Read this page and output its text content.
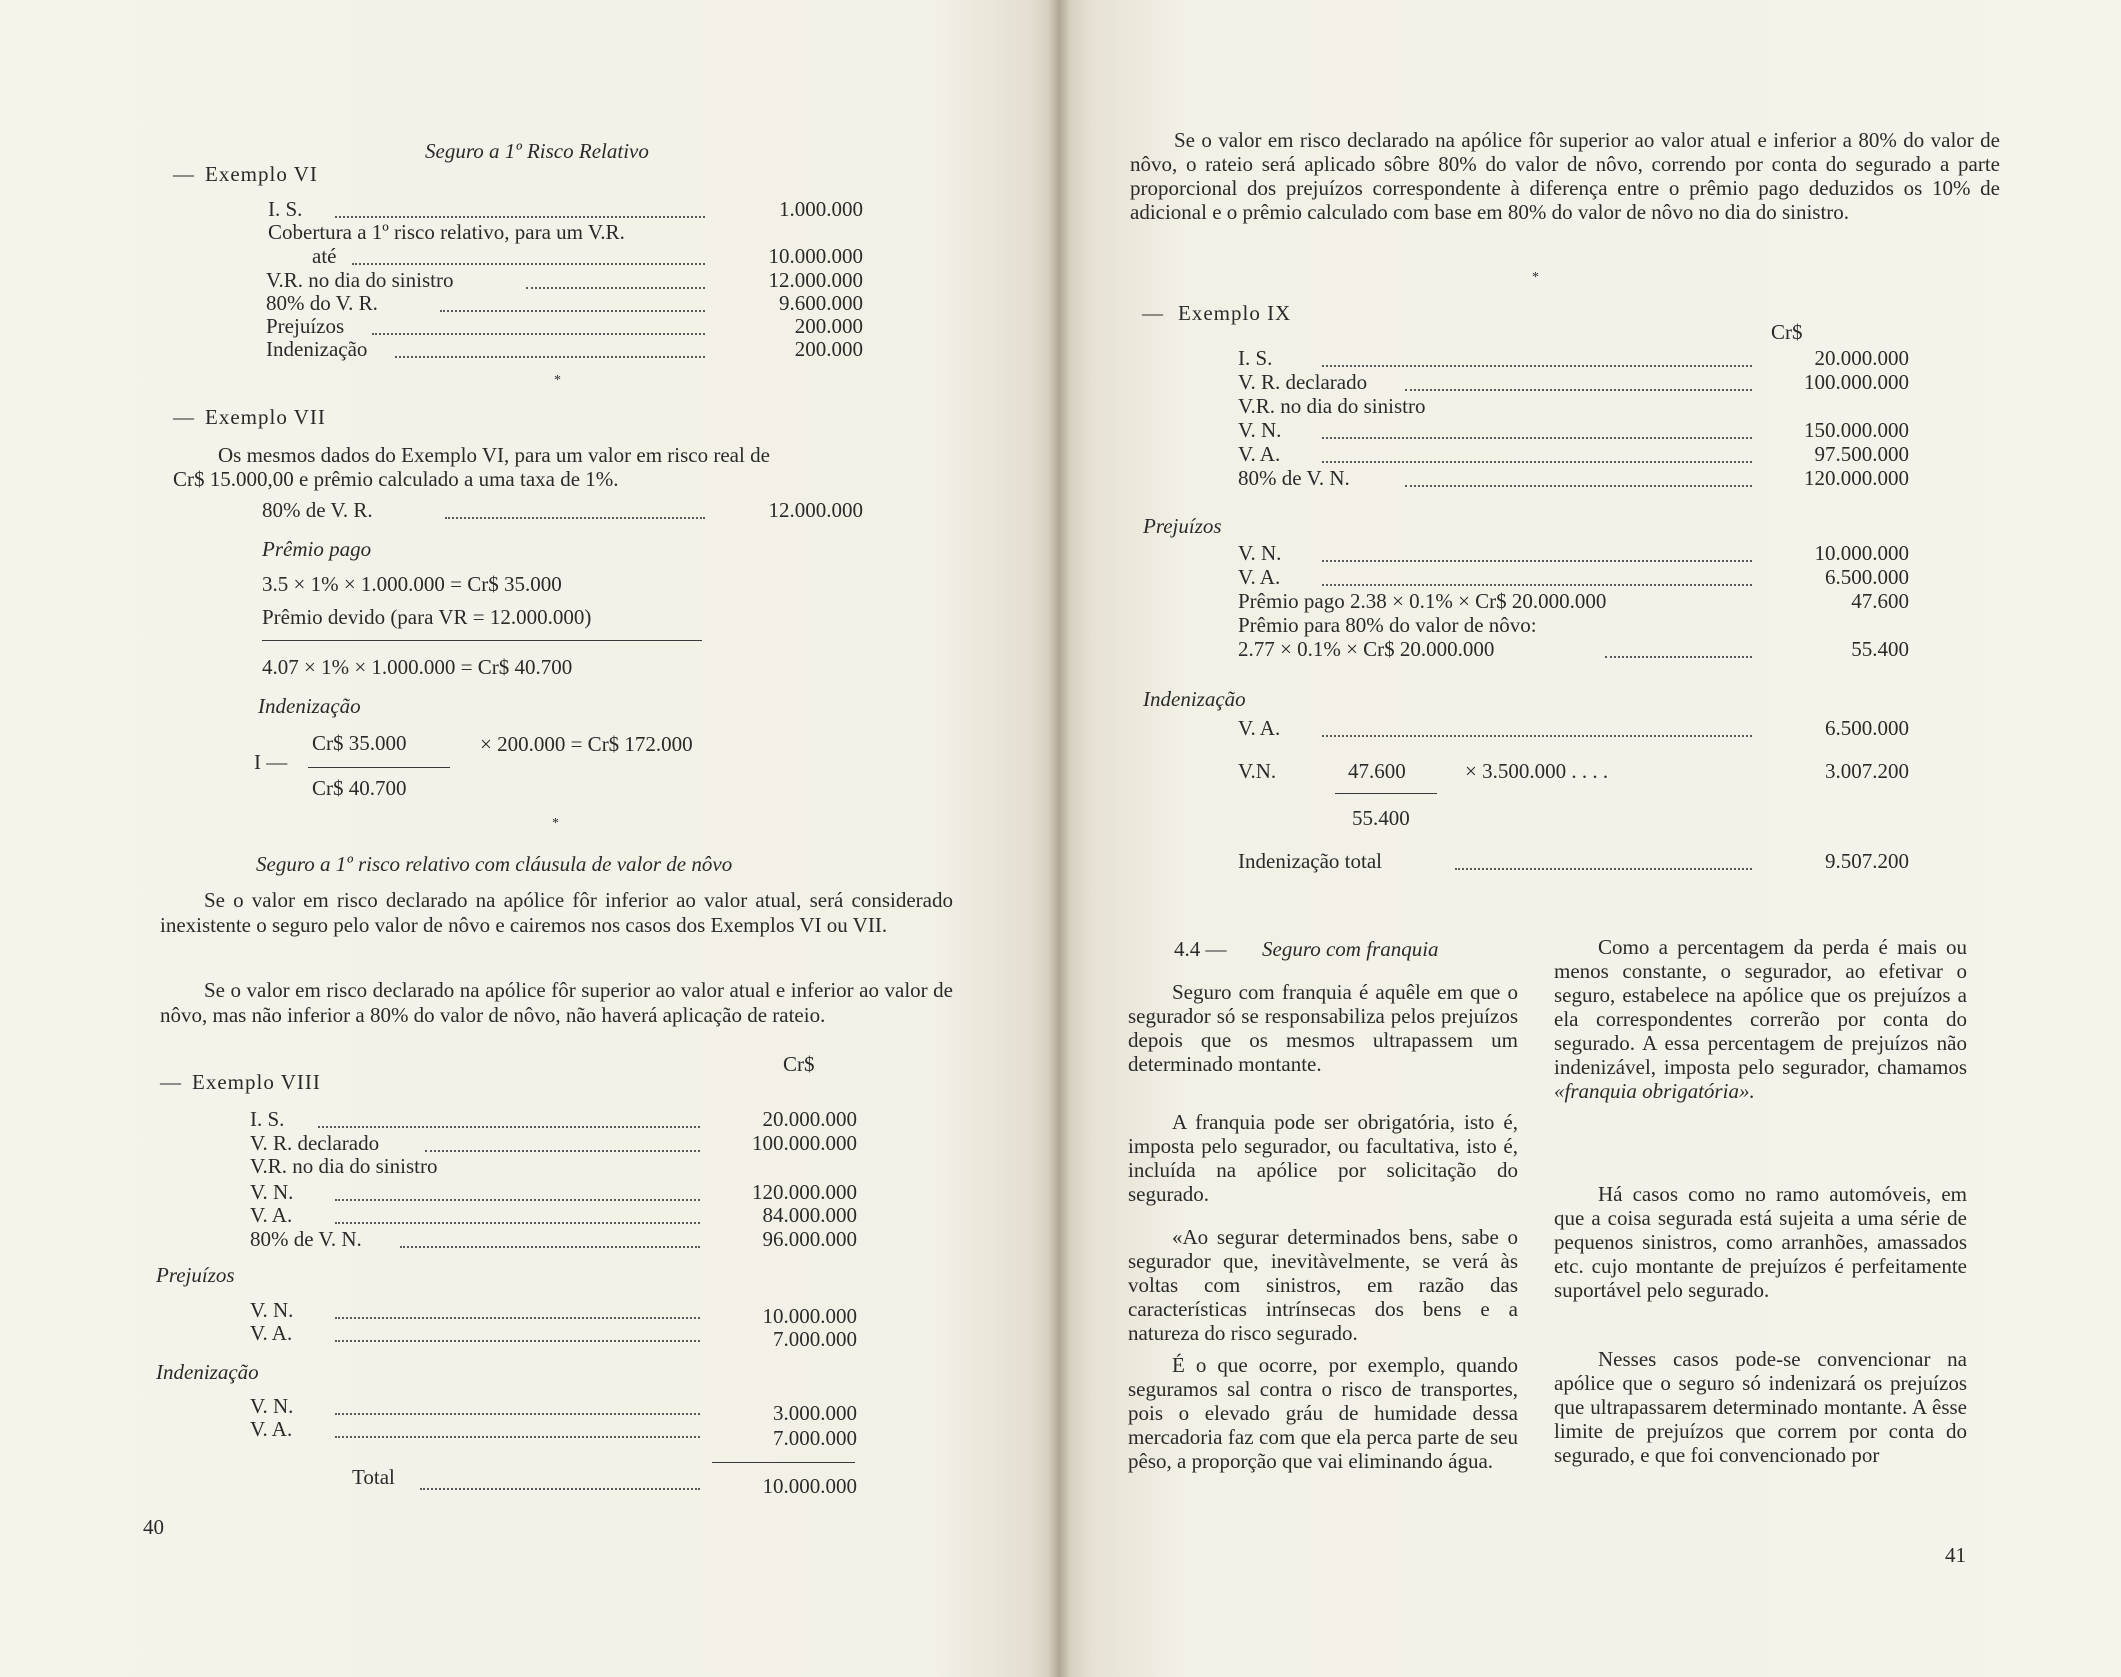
Seguro a 1º Risco Relativo
— Exemplo VI
I. S.	1.000.000
Cobertura a 1º risco relativo, para um V.R.
até	10.000.000
V.R. no dia do sinistro	12.000.000
80% do V. R.	9.600.000
Prejuízos	200.000
Indenização	200.000
*
— Exemplo VII
Os mesmos dados do Exemplo VI, para um valor em risco real de
Cr$ 15.000,00 e prêmio calculado a uma taxa de 1%.
80% de V. R.	12.000.000
Prêmio pago
3.5 × 1% × 1.000.000 = Cr$ 35.000
Prêmio devido (para VR = 12.000.000)
4.07 × 1% × 1.000.000 = Cr$ 40.700
Indenização
Cr$ 35.000
I —
Cr$ 40.700
× 200.000 = Cr$ 172.000
*
Seguro a 1º risco relativo com cláusula de valor de nôvo
Se o valor em risco declarado na apólice fôr inferior ao valor atual, será considerado inexistente o seguro pelo valor de nôvo e cairemos nos casos dos Exemplos VI ou VII.
Se o valor em risco declarado na apólice fôr superior ao valor atual e inferior ao valor de nôvo, mas não inferior a 80% do valor de nôvo, não haverá aplicação de rateio.
— Exemplo VIII
Cr$
I. S.	20.000.000
V. R. declarado	100.000.000
V.R. no dia do sinistro
V. N.	120.000.000
V. A.	84.000.000
80% de V. N.	96.000.000
Prejuízos
V. N.	10.000.000
V. A.	7.000.000
Indenização
V. N.	3.000.000
V. A.	7.000.000
Total	10.000.000
40
Se o valor em risco declarado na apólice fôr superior ao valor atual e inferior a 80% do valor de nôvo, o rateio será aplicado sôbre 80% do valor de nôvo, correndo por conta do segurado a parte proporcional dos prejuízos correspondente à diferença entre o prêmio pago deduzidos os 10% de adicional e o prêmio calculado com base em 80% do valor de nôvo no dia do sinistro.
*
— Exemplo IX
Cr$
I. S.	20.000.000
V. R. declarado	100.000.000
V.R. no dia do sinistro
V. N.	150.000.000
V. A.	97.500.000
80% de V. N.	120.000.000
Prejuízos
V. N.	10.000.000
V. A.	6.500.000
Prêmio pago 2.38 × 0.1% × Cr$ 20.000.000	47.600
Prêmio para 80% do valor de nôvo:
2.77 × 0.1% × Cr$ 20.000.000	55.400
Indenização
V. A.	6.500.000
V.N.	47.600
55.400
× 3.500.000 . . . .	3.007.200
Indenização total	9.507.200
4.4 — Seguro com franquia
Seguro com franquia é aquêle em que o segurador só se responsabiliza pelos prejuízos depois que os mesmos ultrapassem um determinado montante.
A franquia pode ser obrigatória, isto é, imposta pelo segurador, ou facultativa, isto é, incluída na apólice por solicitação do segurado.
«Ao segurar determinados bens, sabe o segurador que, inevitàvelmente, se verá às voltas com sinistros, em razão das características intrínsecas dos bens e a natureza do risco segurado.
É o que ocorre, por exemplo, quando seguramos sal contra o risco de transportes, pois o elevado gráu de humidade dessa mercadoria faz com que ela perca parte de seu pêso, a proporção que vai eliminando água.
Como a percentagem da perda é mais ou menos constante, o segurador, ao efetivar o seguro, estabelece na apólice que os prejuízos a ela correspondentes correrão por conta do segurado. A essa percentagem de prejuízos não indenizável, imposta pelo segurador, chamamos «franquia obrigatória».
Há casos como no ramo automóveis, em que a coisa segurada está sujeita a uma série de pequenos sinistros, como arranhões, amassados etc. cujo montante de prejuízos é perfeitamente suportável pelo segurado.
Nesses casos pode-se convencionar na apólice que o seguro só indenizará os prejuízos que ultrapassarem determinado montante. A êsse limite de prejuízos que correm por conta do segurado, e que foi convencionado por
41
